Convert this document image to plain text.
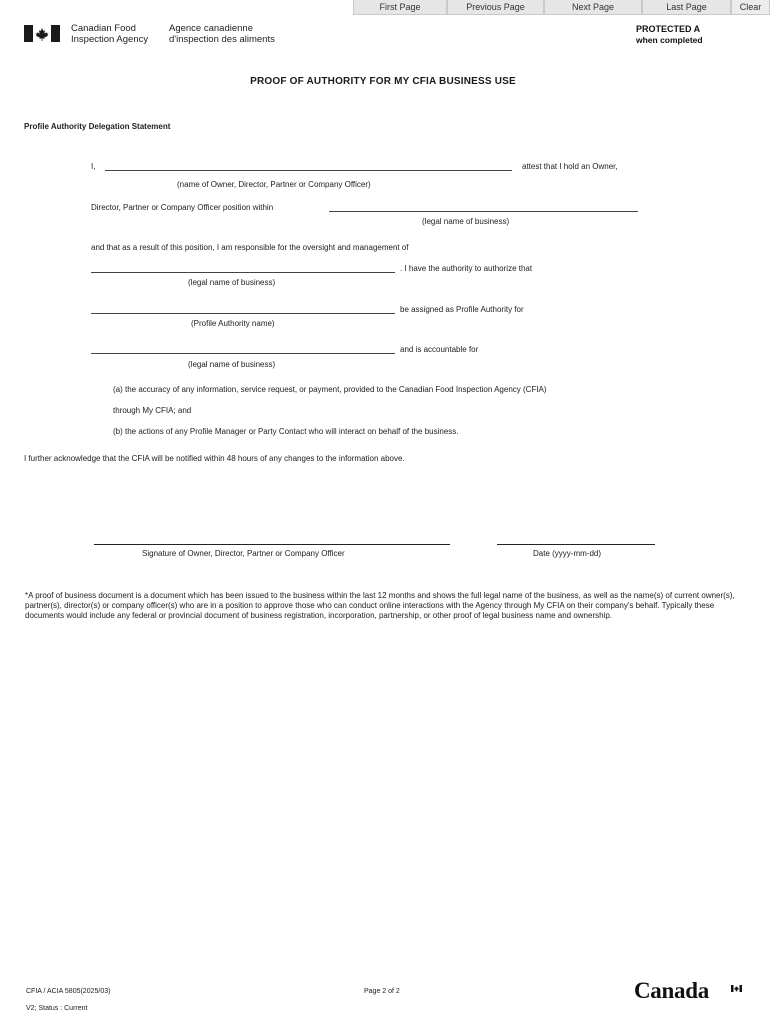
First Page	Previous Page	Next Page	Last Page	Clear
Canadian Food
Inspection Agency
Agence canadienne
d'inspection des aliments
PROTECTED A
when completed
PROOF OF AUTHORITY FOR MY CFIA BUSINESS USE
Profile Authority Delegation Statement
I,	attest that I hold an Owner,
(name of Owner, Director, Partner or Company Officer)
Director, Partner or Company Officer position within
(legal name of business)
and that as a result of this position, I am responsible for the oversight and management of
. I have the authority to authorize that
(legal name of business)
be assigned as Profile Authority for
(Profile Authority name)
and is accountable for
(legal name of business)
(a) the accuracy of any information, service request, or payment, provided to the Canadian Food Inspection Agency (CFIA)
through My CFIA; and
(b) the actions of any Profile Manager or Party Contact who will interact on behalf of the business.
I further acknowledge that the CFIA will be notified within 48 hours of any changes to the information above.
Signature of Owner, Director, Partner or Company Officer	Date (yyyy-mm-dd)
*A proof of business document is a document which has been issued to the business within the last 12 months and shows the full legal name of the business, as well as the name(s) of current owner(s), partner(s), director(s) or company officer(s) who are in a position to approve those who can conduct online interactions with the Agency through My CFIA on their company's behalf. Typically these documents would include any federal or provincial document of business registration, incorporation, partnership, or other proof of legal business name and ownership.
CFIA / ACIA 5805(2025/03)	Page 2 of 2
V2; Status : Current
Canada
